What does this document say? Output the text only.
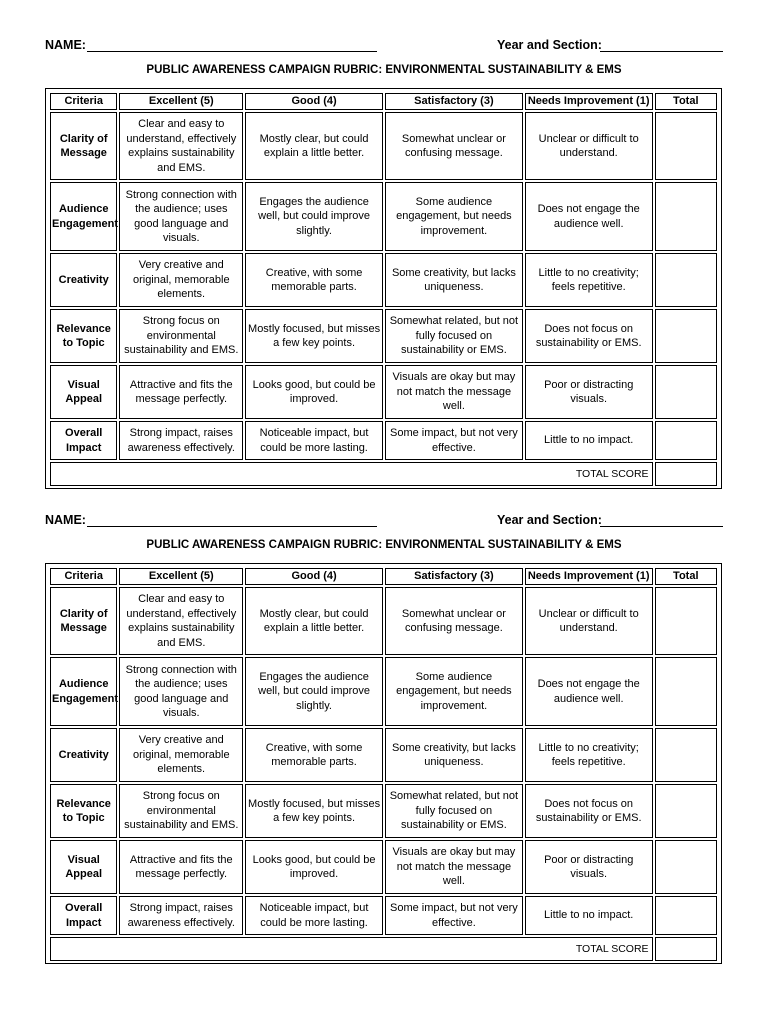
NAME:	Year and Section:
PUBLIC AWARENESS CAMPAIGN RUBRIC: ENVIRONMENTAL SUSTAINABILITY & EMS
Criteria	Excellent (5)	Good (4)	Satisfactory (3)	Needs Improvement (1)	Total
Clarity of Message	Clear and easy to understand, effectively explains sustainability and EMS.	Mostly clear, but could explain a little better.	Somewhat unclear or confusing message.	Unclear or difficult to understand.	
Audience Engagement	Strong connection with the audience; uses good language and visuals.	Engages the audience well, but could improve slightly.	Some audience engagement, but needs improvement.	Does not engage the audience well.	
Creativity	Very creative and original, memorable elements.	Creative, with some memorable parts.	Some creativity, but lacks uniqueness.	Little to no creativity; feels repetitive.	
Relevance to Topic	Strong focus on environmental sustainability and EMS.	Mostly focused, but misses a few key points.	Somewhat related, but not fully focused on sustainability or EMS.	Does not focus on sustainability or EMS.	
Visual Appeal	Attractive and fits the message perfectly.	Looks good, but could be improved.	Visuals are okay but may not match the message well.	Poor or distracting visuals.	
Overall Impact	Strong impact, raises awareness effectively.	Noticeable impact, but could be more lasting.	Some impact, but not very effective.	Little to no impact.	
TOTAL SCORE					
NAME:	Year and Section:
PUBLIC AWARENESS CAMPAIGN RUBRIC: ENVIRONMENTAL SUSTAINABILITY & EMS
Criteria	Excellent (5)	Good (4)	Satisfactory (3)	Needs Improvement (1)	Total
Clarity of Message	Clear and easy to understand, effectively explains sustainability and EMS.	Mostly clear, but could explain a little better.	Somewhat unclear or confusing message.	Unclear or difficult to understand.	
Audience Engagement	Strong connection with the audience; uses good language and visuals.	Engages the audience well, but could improve slightly.	Some audience engagement, but needs improvement.	Does not engage the audience well.	
Creativity	Very creative and original, memorable elements.	Creative, with some memorable parts.	Some creativity, but lacks uniqueness.	Little to no creativity; feels repetitive.	
Relevance to Topic	Strong focus on environmental sustainability and EMS.	Mostly focused, but misses a few key points.	Somewhat related, but not fully focused on sustainability or EMS.	Does not focus on sustainability or EMS.	
Visual Appeal	Attractive and fits the message perfectly.	Looks good, but could be improved.	Visuals are okay but may not match the message well.	Poor or distracting visuals.	
Overall Impact	Strong impact, raises awareness effectively.	Noticeable impact, but could be more lasting.	Some impact, but not very effective.	Little to no impact.	
TOTAL SCORE					
